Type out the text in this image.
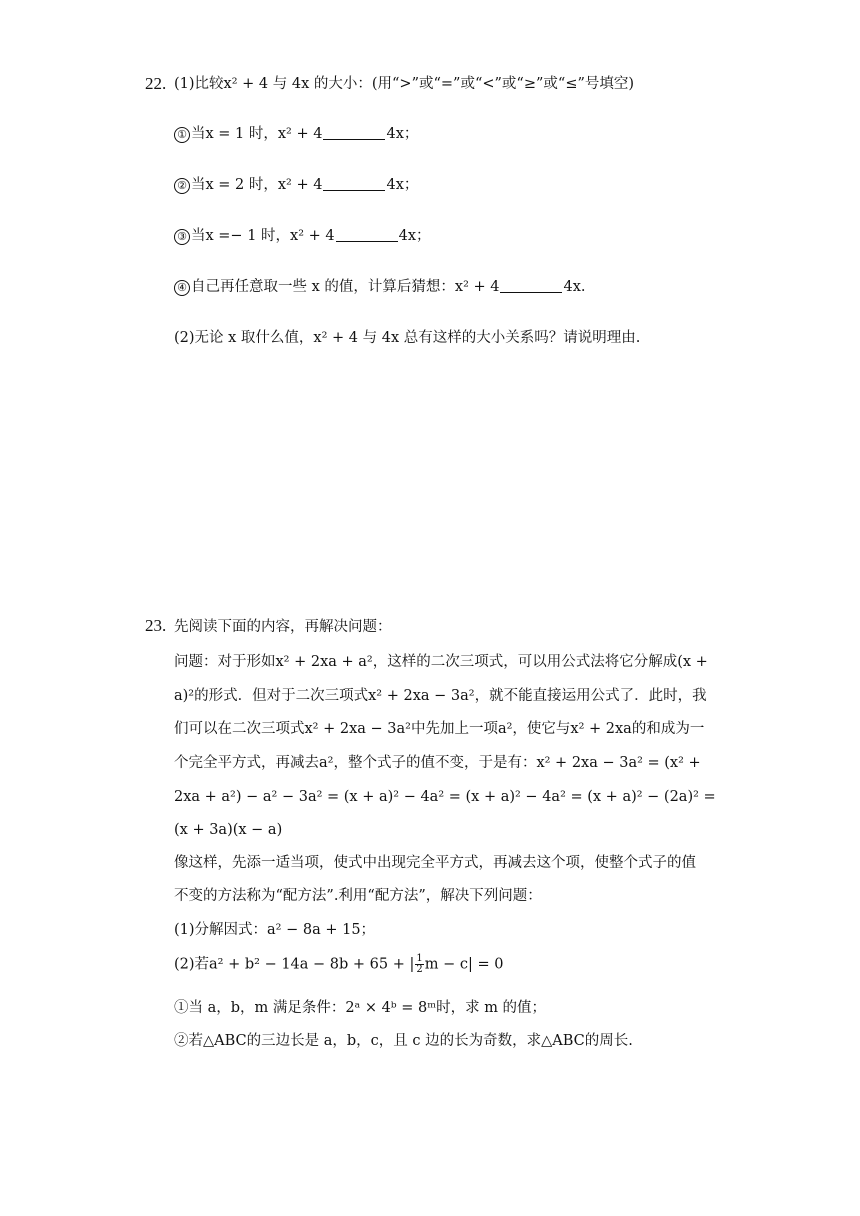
22. (1)比较x² + 4 与 4x 的大小：(用“>”或“=”或“<”或“≥”或“≤”号填空)
① 当x = 1 时，x² + 4	4x；
② 当x = 2 时，x² + 4	4x；
③ 当x =− 1 时，x² + 4	4x；
④ 自己再任意取一些 x 的值，计算后猜想：x² + 4	4x.
(2)无论 x 取什么值，x² + 4 与 4x 总有这样的大小关系吗？请说明理由.
23. 先阅读下面的内容，再解决问题：
问题：对于形如x² + 2xa + a²，这样的二次三项式，可以用公式法将它分解成(x +
a)²的形式．但对于二次三项式x² + 2xa − 3a²，就不能直接运用公式了．此时，我
们可以在二次三项式x² + 2xa − 3a²中先加上一项a²，使它与x² + 2xa的和成为一
个完全平方式，再减去a²，整个式子的值不变，于是有：x² + 2xa − 3a² = (x² +
2xa + a²) − a² − 3a² = (x + a)² − 4a² = (x + a)² − 4a² = (x + a)² − (2a)² =
(x + 3a)(x − a)
像这样，先添一适当项，使式中出现完全平方式，再减去这个项，使整个式子的值
不变的方法称为“配方法”.利用“配方法”，解决下列问题：
(1)分解因式：a² − 8a + 15；
(2)若a² + b² − 14a − 8b + 65 + | $\frac{1}{2}$ m − c| = 0
①当 a，b，m 满足条件：2ᵃ × 4ᵇ = 8ᵐ时，求 m 的值；
②若△ABC的三边长是 a，b，c，且 c 边的长为奇数，求△ABC的周长.
